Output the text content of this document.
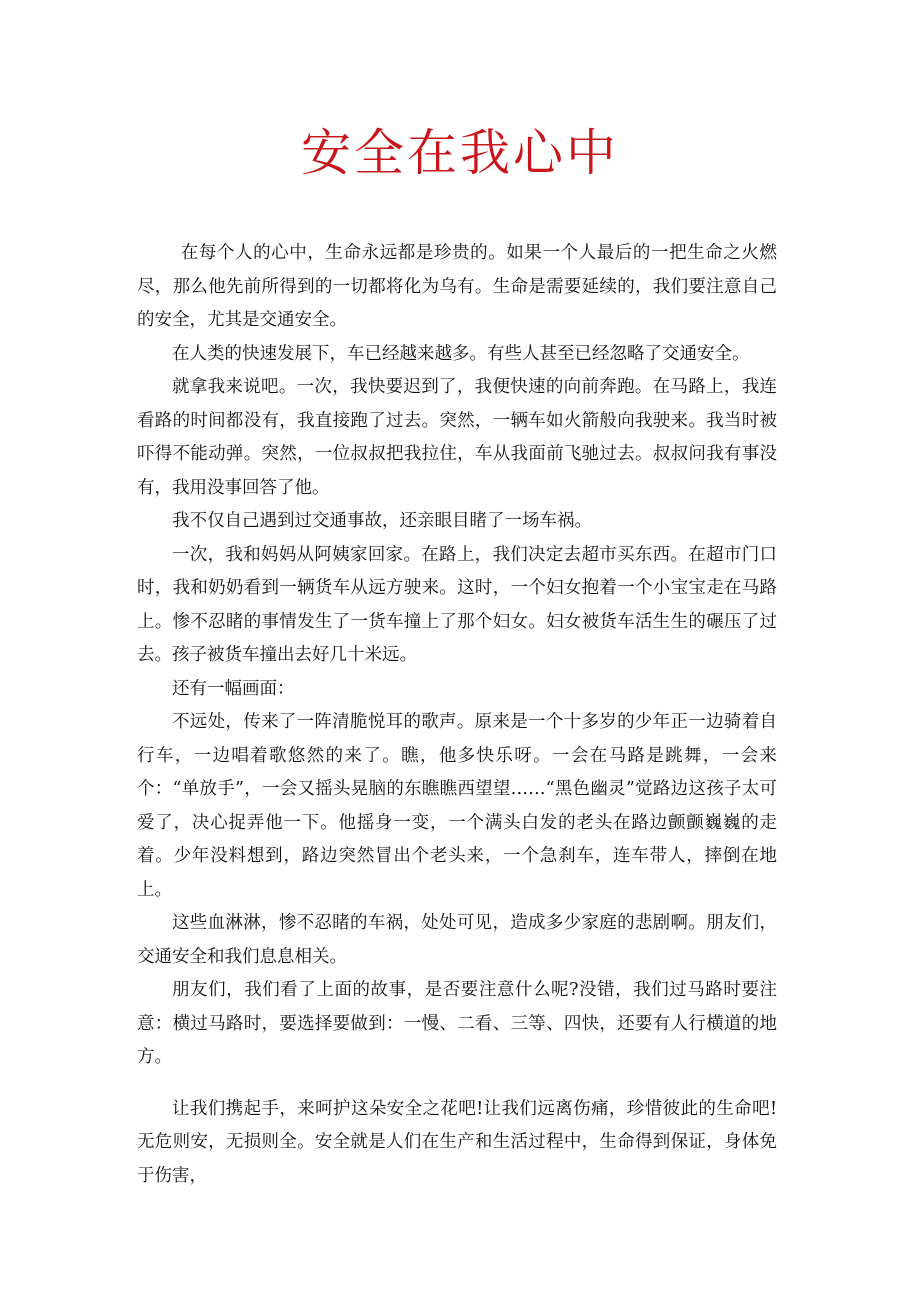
安全在我心中

在每个人的心中，生命永远都是珍贵的。如果一个人最后的一把生命之火燃尽，那么他先前所得到的一切都将化为乌有。生命是需要延续的，我们要注意自己的安全，尤其是交通安全。

在人类的快速发展下，车已经越来越多。有些人甚至已经忽略了交通安全。

就拿我来说吧。一次，我快要迟到了，我便快速的向前奔跑。在马路上，我连看路的时间都没有，我直接跑了过去。突然，一辆车如火箭般向我驶来。我当时被吓得不能动弹。突然，一位叔叔把我拉住，车从我面前飞驰过去。叔叔问我有事没有，我用没事回答了他。

我不仅自己遇到过交通事故，还亲眼目睹了一场车祸。

一次，我和妈妈从阿姨家回家。在路上，我们决定去超市买东西。在超市门口时，我和奶奶看到一辆货车从远方驶来。这时，一个妇女抱着一个小宝宝走在马路上。惨不忍睹的事情发生了一货车撞上了那个妇女。妇女被货车活生生的碾压了过去。孩子被货车撞出去好几十米远。

还有一幅画面：

不远处，传来了一阵清脆悦耳的歌声。原来是一个十多岁的少年正一边骑着自行车，一边唱着歌悠然的来了。瞧，他多快乐呀。一会在马路是跳舞，一会来个：“单放手”，一会又摇头晃脑的东瞧瞧西望望……“黑色幽灵”觉路边这孩子太可爱了，决心捉弄他一下。他摇身一变，一个满头白发的老头在路边颤颤巍巍的走着。少年没料想到，路边突然冒出个老头来，一个急刹车，连车带人，摔倒在地上。

这些血淋淋，惨不忍睹的车祸，处处可见，造成多少家庭的悲剧啊。朋友们，交通安全和我们息息相关。

朋友们，我们看了上面的故事，是否要注意什么呢?没错，我们过马路时要注意：横过马路时，要选择要做到：一慢、二看、三等、四快，还要有人行横道的地方。

让我们携起手，来呵护这朵安全之花吧!让我们远离伤痛，珍惜彼此的生命吧!无危则安，无损则全。安全就是人们在生产和生活过程中，生命得到保证，身体免于伤害，
